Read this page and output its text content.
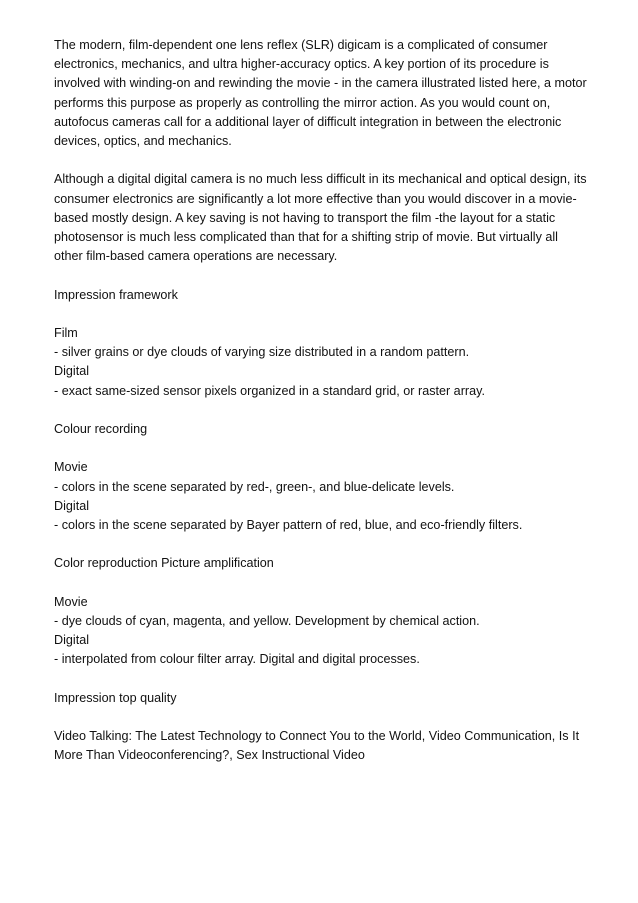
The modern, film-dependent one lens reflex (SLR) digicam is a complicated of consumer electronics, mechanics, and ultra higher-accuracy optics. A key portion of its procedure is involved with winding-on and rewinding the movie - in the camera illustrated listed here, a motor performs this purpose as properly as controlling the mirror action. As you would count on, autofocus cameras call for a additional layer of difficult integration in between the electronic devices, optics, and mechanics.

Although a digital digital camera is no much less difficult in its mechanical and optical design, its consumer electronics are significantly a lot more effective than you would discover in a movie-based mostly design. A key saving is not having to transport the film -the layout for a static photosensor is much less complicated than that for a shifting strip of movie. But virtually all other film-based camera operations are necessary.

Impression framework

Film
- silver grains or dye clouds of varying size distributed in a random pattern.
Digital
- exact same-sized sensor pixels organized in a standard grid, or raster array.

Colour recording

Movie
- colors in the scene separated by red-, green-, and blue-delicate levels.
Digital
- colors in the scene separated by Bayer pattern of red, blue, and eco-friendly filters.

Color reproduction Picture amplification

Movie
- dye clouds of cyan, magenta, and yellow. Development by chemical action.
Digital
- interpolated from colour filter array. Digital and digital processes.

Impression top quality

Video Talking: The Latest Technology to Connect You to the World, Video Communication, Is It More Than Videoconferencing?, Sex Instructional Video
